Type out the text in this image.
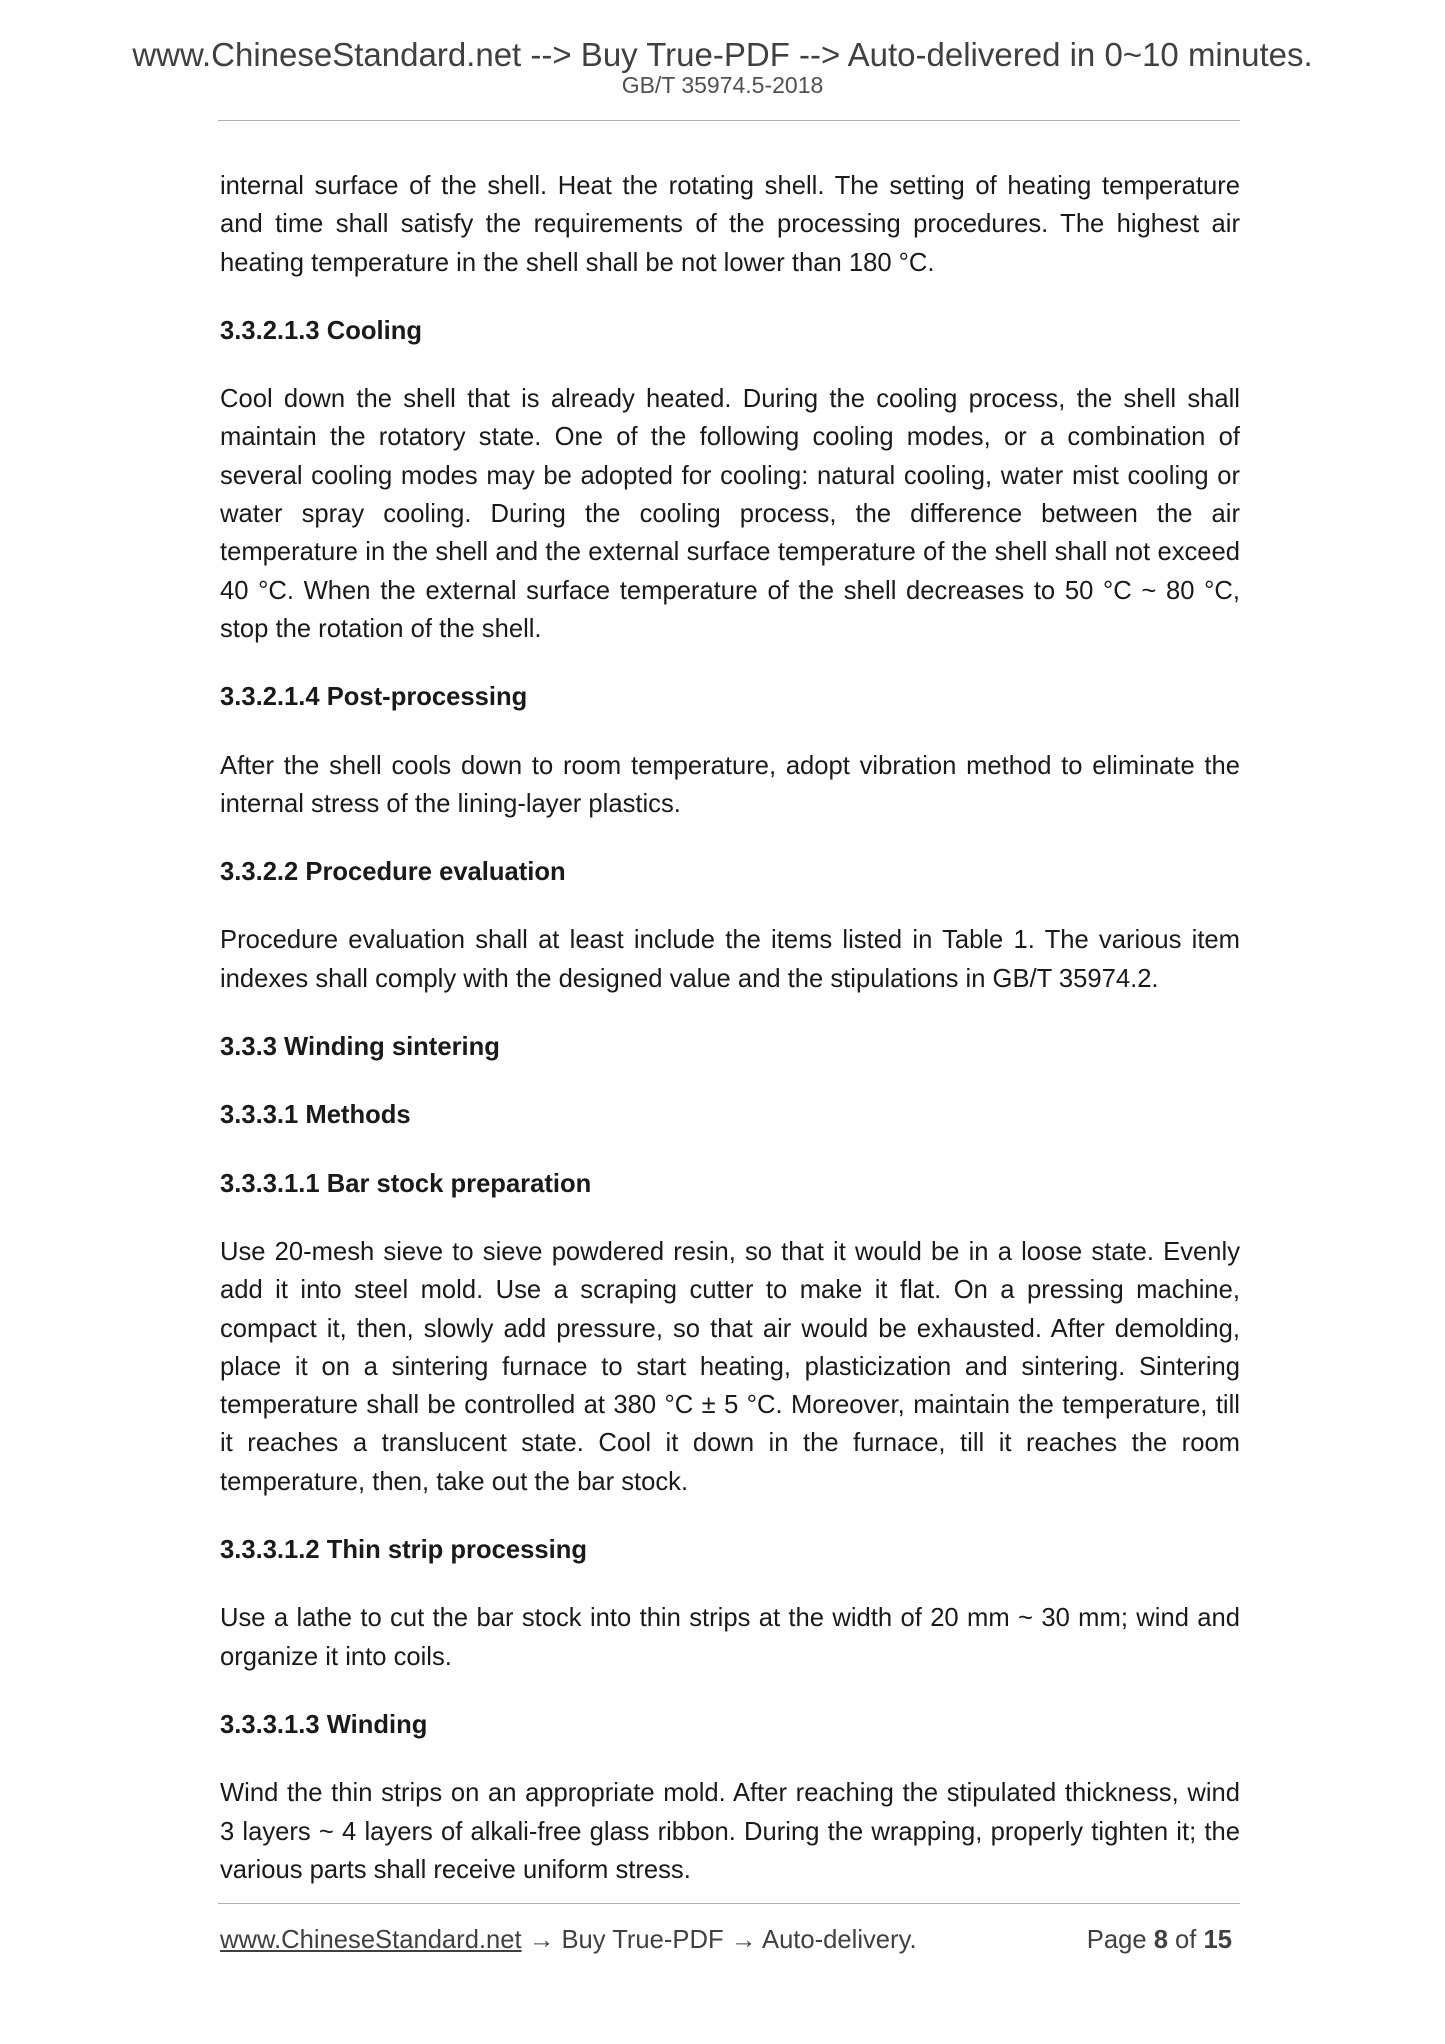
www.ChineseStandard.net --> Buy True-PDF --> Auto-delivered in 0~10 minutes.
GB/T 35974.5-2018

internal surface of the shell. Heat the rotating shell. The setting of heating temperature and time shall satisfy the requirements of the processing procedures. The highest air heating temperature in the shell shall be not lower than 180 °C.

3.3.2.1.3 Cooling

Cool down the shell that is already heated. During the cooling process, the shell shall maintain the rotatory state. One of the following cooling modes, or a combination of several cooling modes may be adopted for cooling: natural cooling, water mist cooling or water spray cooling. During the cooling process, the difference between the air temperature in the shell and the external surface temperature of the shell shall not exceed 40 °C. When the external surface temperature of the shell decreases to 50 °C ~ 80 °C, stop the rotation of the shell.

3.3.2.1.4 Post-processing

After the shell cools down to room temperature, adopt vibration method to eliminate the internal stress of the lining-layer plastics.

3.3.2.2 Procedure evaluation

Procedure evaluation shall at least include the items listed in Table 1. The various item indexes shall comply with the designed value and the stipulations in GB/T 35974.2.

3.3.3 Winding sintering
3.3.3.1 Methods
3.3.3.1.1 Bar stock preparation

Use 20-mesh sieve to sieve powdered resin, so that it would be in a loose state. Evenly add it into steel mold. Use a scraping cutter to make it flat. On a pressing machine, compact it, then, slowly add pressure, so that air would be exhausted. After demolding, place it on a sintering furnace to start heating, plasticization and sintering. Sintering temperature shall be controlled at 380 °C ± 5 °C. Moreover, maintain the temperature, till it reaches a translucent state. Cool it down in the furnace, till it reaches the room temperature, then, take out the bar stock.

3.3.3.1.2 Thin strip processing

Use a lathe to cut the bar stock into thin strips at the width of 20 mm ~ 30 mm; wind and organize it into coils.

3.3.3.1.3 Winding

Wind the thin strips on an appropriate mold. After reaching the stipulated thickness, wind 3 layers ~ 4 layers of alkali-free glass ribbon. During the wrapping, properly tighten it; the various parts shall receive uniform stress.

www.ChineseStandard.net → Buy True-PDF → Auto-delivery.	Page 8 of 15
